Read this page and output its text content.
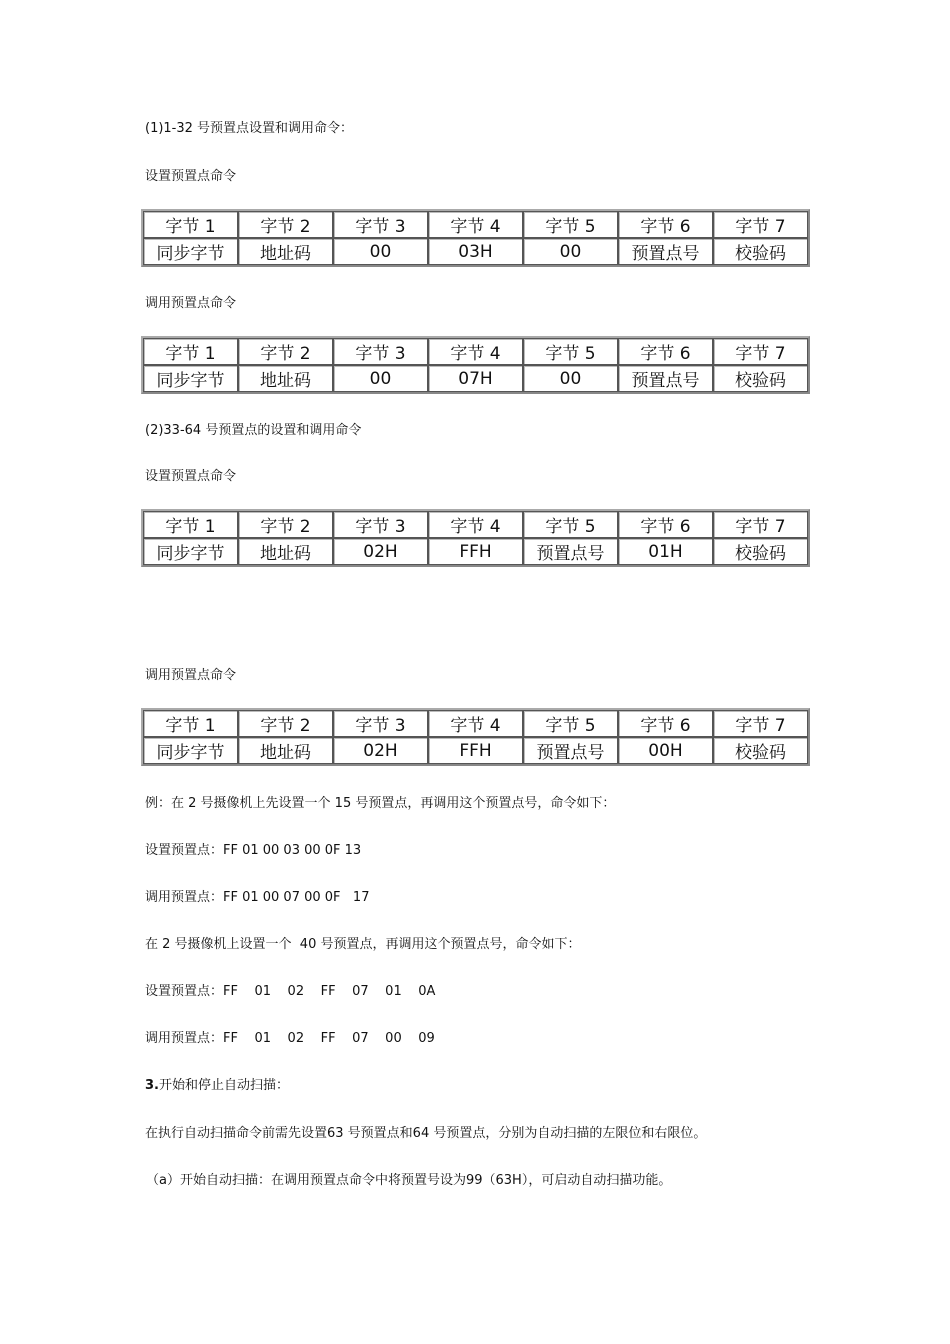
(1)1-32 号预置点设置和调用命令：
设置预置点命令
字节 1	字节 2	字节 3	字节 4	字节 5	字节 6	字节 7
同步字节	地址码	00	03H	00	预置点号	校验码
调用预置点命令
字节 1	字节 2	字节 3	字节 4	字节 5	字节 6	字节 7
同步字节	地址码	00	07H	00	预置点号	校验码
(2)33-64 号预置点的设置和调用命令
设置预置点命令
字节 1	字节 2	字节 3	字节 4	字节 5	字节 6	字节 7
同步字节	地址码	02H	FFH	预置点号	01H	校验码
调用预置点命令
字节 1	字节 2	字节 3	字节 4	字节 5	字节 6	字节 7
同步字节	地址码	02H	FFH	预置点号	00H	校验码
例：在 2 号摄像机上先设置一个 15 号预置点，再调用这个预置点号，命令如下：
设置预置点：FF 01 00 03 00 0F 13
调用预置点：FF 01 00 07 00 0F   17
在 2 号摄像机上设置一个  40 号预置点，再调用这个预置点号，命令如下：
设置预置点：FF    01    02    FF    07    01    0A
调用预置点：FF    01    02    FF    07    00    09
3.开始和停止自动扫描：
在执行自动扫描命令前需先设置63 号预置点和64 号预置点，分别为自动扫描的左限位和右限位。
（a）开始自动扫描：在调用预置点命令中将预置号设为99（63H），可启动自动扫描功能。
